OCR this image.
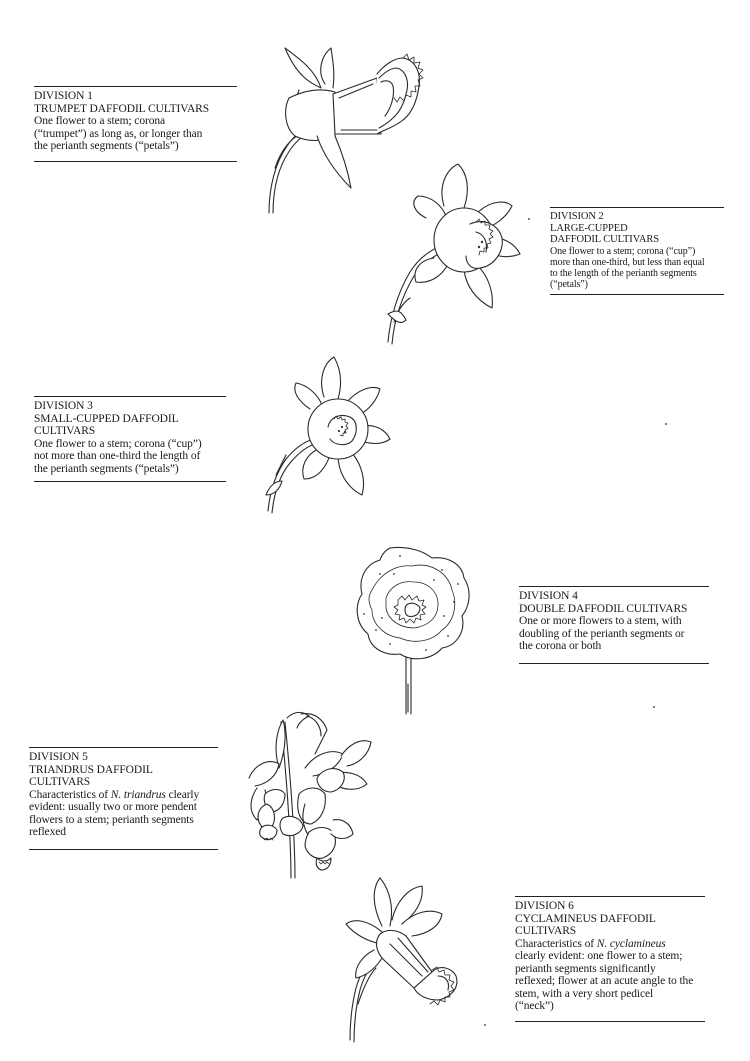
DIVISION 1

TRUMPET DAFFODIL CULTIVARS

One flower to a stem; corona

(“trumpet”) as long as, or longer than

the perianth segments (“petals”)

DIVISION 2

LARGE-CUPPED

DAFFODIL CULTIVARS

One flower to a stem; corona (“cup”)

more than one-third, but less than equal

to the length of the perianth segments

(“petals”)

DIVISION 3

SMALL-CUPPED DAFFODIL

CULTIVARS

One flower to a stem; corona (“cup”)

not more than one-third the length of

the perianth segments (“petals”)

DIVISION 4

DOUBLE DAFFODIL CULTIVARS

One or more flowers to a stem, with

doubling of the perianth segments or

the corona or both

DIVISION 5

TRIANDRUS DAFFODIL

CULTIVARS

Characteristics of N. triandrus clearly

evident: usually two or more pendent

flowers to a stem; perianth segments

reflexed

DIVISION 6

CYCLAMINEUS DAFFODIL

CULTIVARS

Characteristics of N. cyclamineus

clearly evident: one flower to a stem;

perianth segments significantly

reflexed; flower at an acute angle to the

stem, with a very short pedicel

(“neck”)
